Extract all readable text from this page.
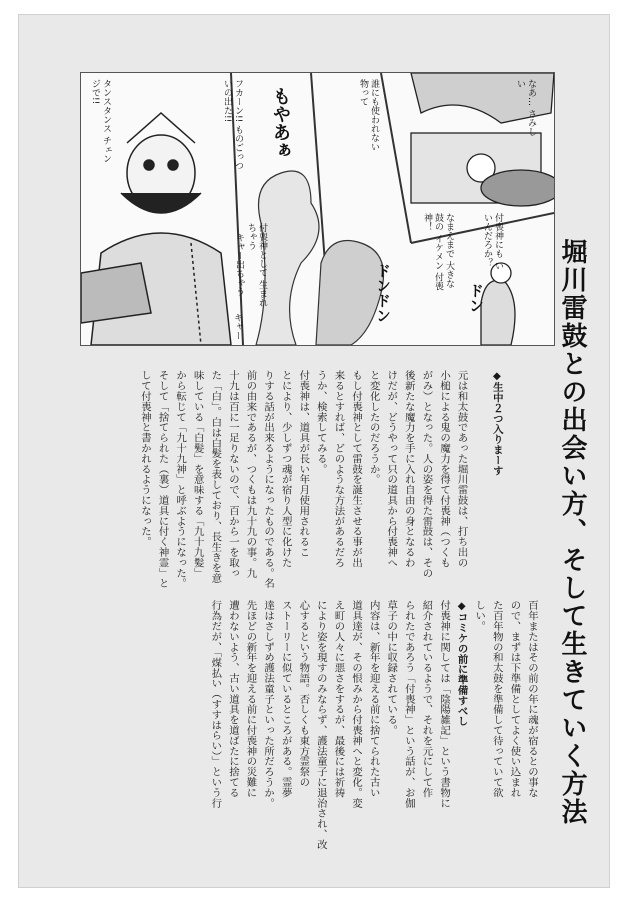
フカーン!! ものごっついの出た!!
タンスタンス チェンジで!!	もやあぁ
付喪神として 生まれちゃう
ドンドン	ドン
なあ… さみしい
誰にも使われない 物って
付喪神にも いいんだろか？
なまえまで 大きな鼓の イケメン 付喪神！
キャー出ちゃう
キャー	堀川雷鼓との出会い方、そして生きていく方法

◆生中２つ入りまーす

元は和太鼓であった堀川雷鼓は、打ち出の
小槌による鬼の魔力を得て付喪神（つくも
がみ）となった。人の姿を得た雷鼓は、その
後新たな魔力を手に入れ自由の身となるわ
けだが、どうやって只の道具から付喪神へ
と変化したのだろうか。
もし付喪神として雷鼓を誕生させる事が出
来るとすれば、どのような方法があるだろ
うか、検索してみる。
付喪神は、道具が長い年月使用されるこ
とにより、少しずつ魂が宿り人型に化けた
りする話が出来るようになったものである。名
前の由来であるが、つくもは九十九の事。九
十九は百に一足りないので、百から一を取っ
た「白」。白は白髪を表しており、長生きを意
味している「白髪」を意味する「九十九髪」
から転じて「九十九神」と呼ぶようになった。
そして「捨てられた（裏）道具に付く神霊」と
して付喪神と書かれるようになった。
百年またはその前の年に魂が宿るとの事な
ので、まずは下準備としてよく使い込まれ
た百年物の和太鼓を準備して待っていて欲
しい。
◆コミケの前に準備すべし
付喪神に関しては「陰陽雑記」という書物に
紹介されているようで、それを元にして作
られたであろう「付喪神」という話が、お伽
草子の中に収録されている。
内容は、新年を迎える前に捨てられた古い
道具達が、その恨みから付喪神へと変化。変
え町の人々に悪さをするが、最後には祈祷
により姿を現すのみならず、護法童子に退治され、改
心するという物語。否しくも東方霊祭の
ストーリーに似ているところがある。霊夢
達はさしずめ護法童子といった所だろうか。
先ほどの新年を迎える前に付喪神の災難に
遭わないよう、古い道具を道ばたに捨てる
行為だが、「煤払い（すすはらい）」という行
